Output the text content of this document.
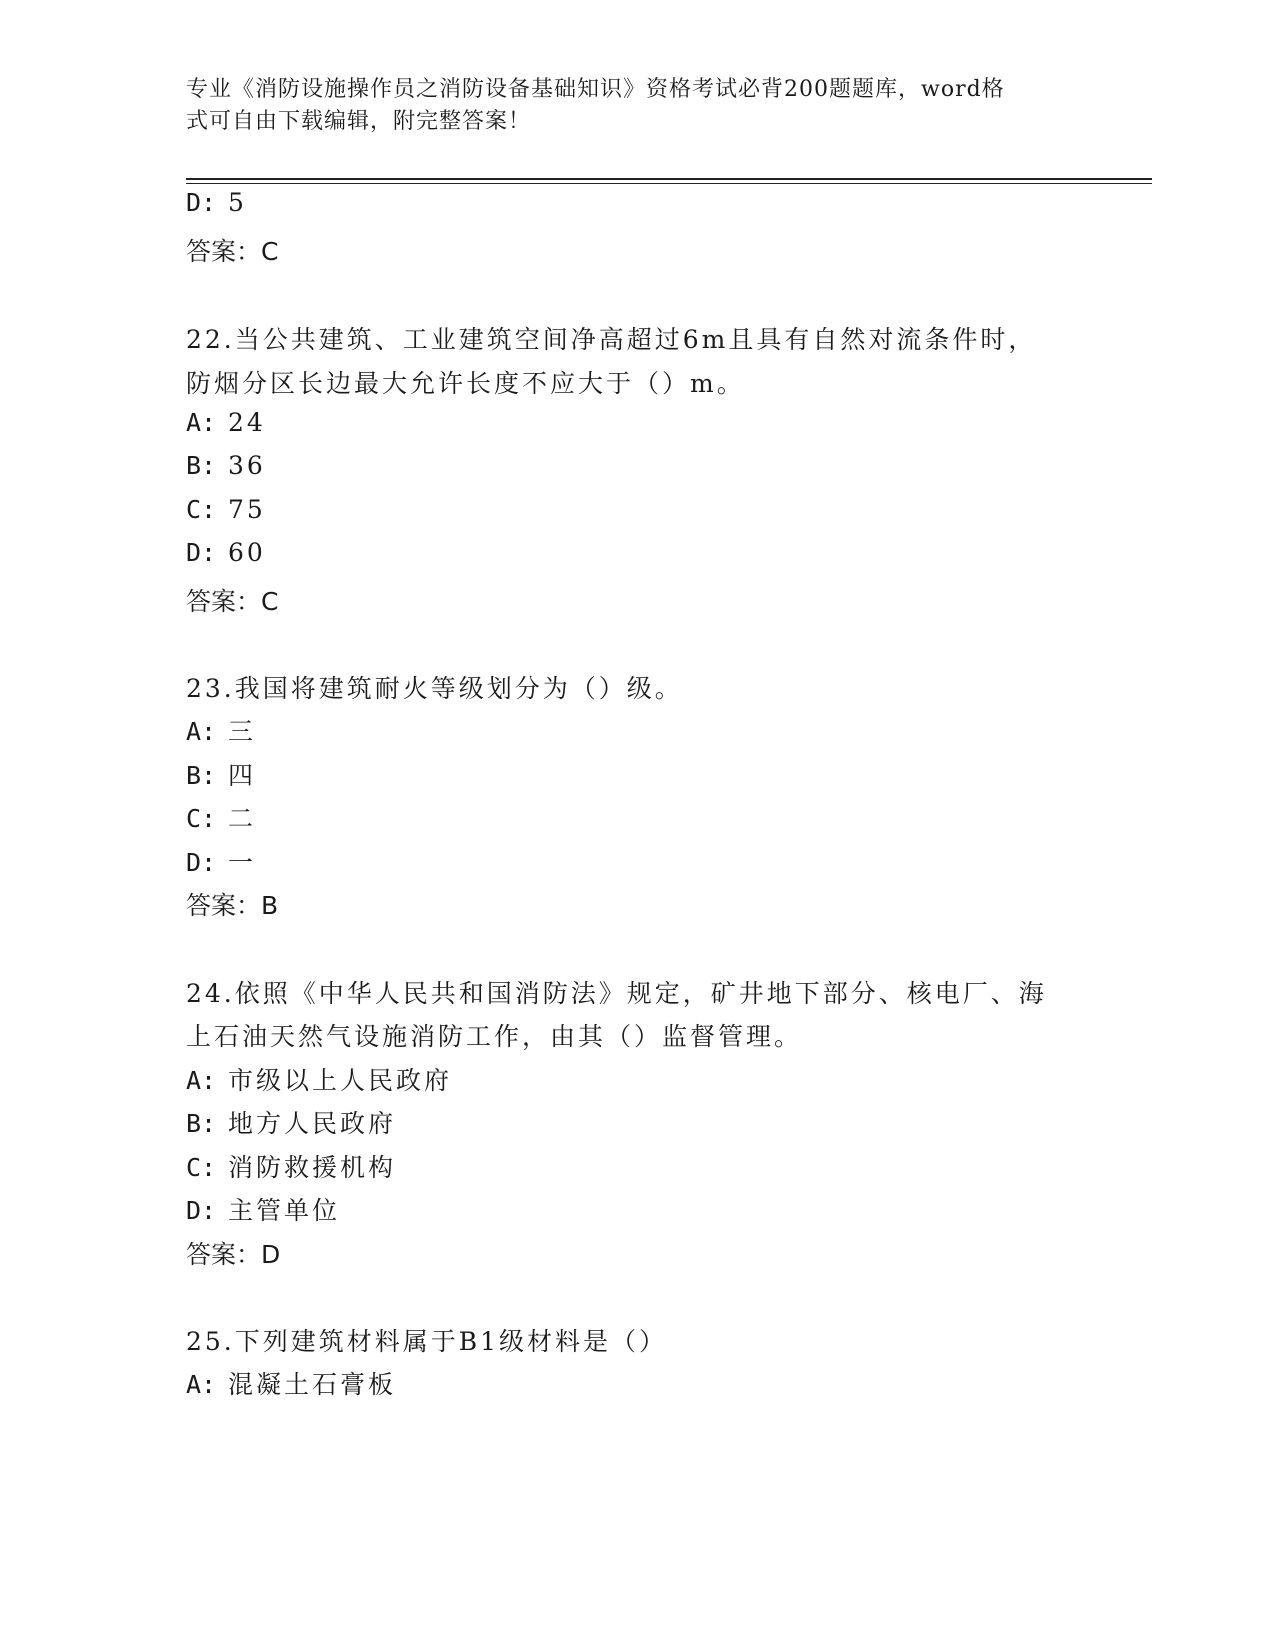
专业《消防设施操作员之消防设备基础知识》资格考试必背200题题库，word格
式可自由下载编辑，附完整答案！
D: 5
答案：C
22.当公共建筑、工业建筑空间净高超过6m且具有自然对流条件时，
防烟分区长边最大允许长度不应大于（）m。
A: 24
B: 36
C: 75
D: 60
答案：C
23.我国将建筑耐火等级划分为（）级。
A: 三
B: 四
C: 二
D: 一
答案：B
24.依照《中华人民共和国消防法》规定，矿井地下部分、核电厂、海
上石油天然气设施消防工作，由其（）监督管理。
A: 市级以上人民政府
B: 地方人民政府
C: 消防救援机构
D: 主管单位
答案：D
25.下列建筑材料属于B1级材料是（）
A: 混凝土石膏板
